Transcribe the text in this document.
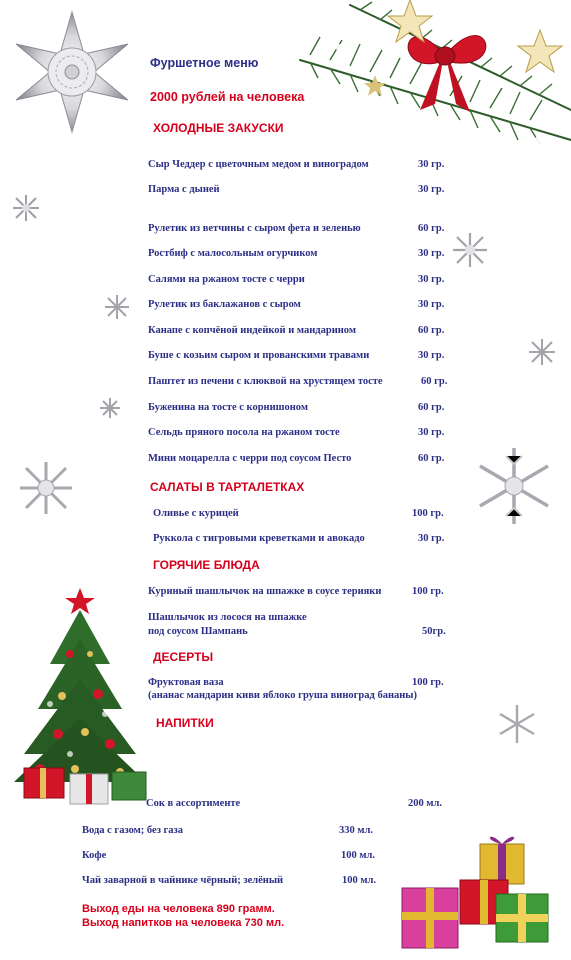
Фуршетное меню
2000 рублей на человека
ХОЛОДНЫЕ ЗАКУСКИ
Сыр Чеддер с цветочным медом и виноградом	30 гр.
Парма с дыней	30 гр.
Рулетик из ветчины с сыром фета и зеленью	60 гр.
Ростбиф с малосольным огурчиком	30 гр.
Салями на ржаном тосте с черри	30 гр.
Рулетик из баклажанов с сыром	30 гр.
Канапе с копчёной индейкой и мандарином	60 гр.
Буше с козьим сыром и прованскими травами	30 гр.
Паштет из печени с клюквой на хрустящем тосте	60 гр.
Буженина на тосте с корнишоном	60 гр.
Сельдь пряного посола на ржаном тосте	30 гр.
Мини моцарелла с черри под соусом Песто	60 гр.
САЛАТЫ В ТАРТАЛЕТКАХ
Оливье с курицей	100 гр.
Руккола с тигровыми креветками и авокадо	30 гр.
ГОРЯЧИЕ БЛЮДА
Куриный шашлычок на шпажке в соусе терияки	100 гр.
Шашлычок из лосося на шпажке
под соусом Шампань	50гр.
ДЕСЕРТЫ
Фруктовая ваза	100 гр.
(ананас мандарин киви яблоко груша виноград бананы)
НАПИТКИ
Сок в ассортименте	200 мл.
Вода с газом; без газа	330 мл.
Кофе	100 мл.
Чай заварной в чайнике чёрный; зелёный	100 мл.
Выход еды на человека 890 грамм.
Выход напитков на человека 730 мл.
